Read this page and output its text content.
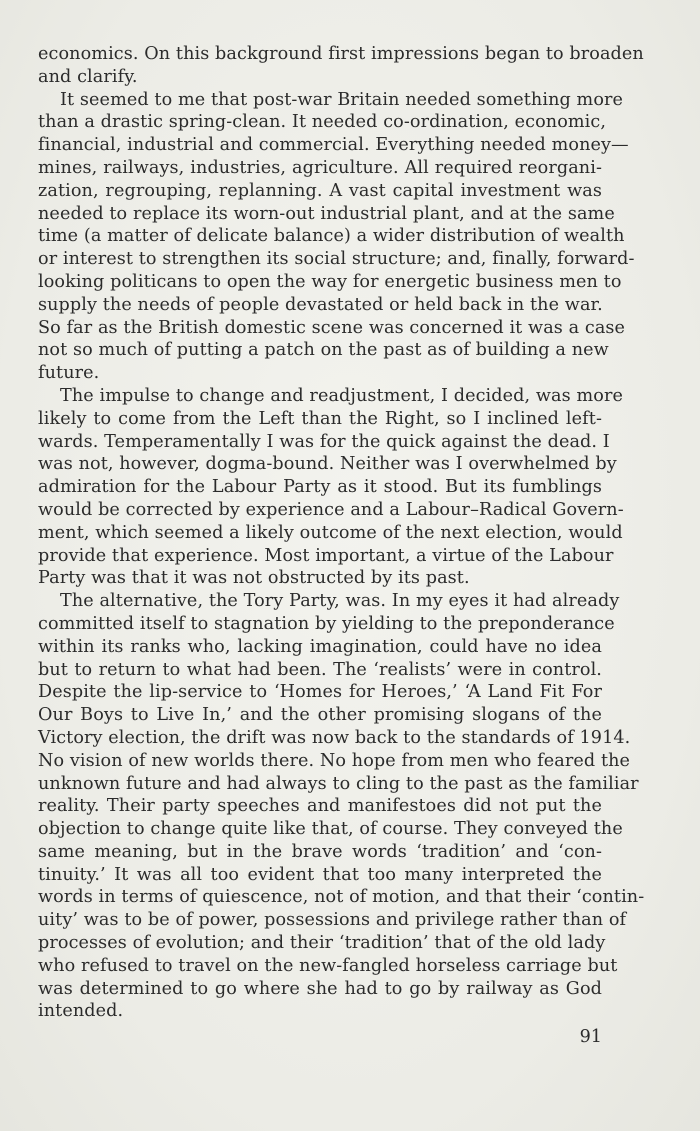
economics. On this background first impressions began to broaden
and clarify.
It seemed to me that post-war Britain needed something more
than a drastic spring-clean. It needed co-ordination, economic,
financial, industrial and commercial. Everything needed money—
mines, railways, industries, agriculture. All required reorgani-
zation, regrouping, replanning. A vast capital investment was
needed to replace its worn-out industrial plant, and at the same
time (a matter of delicate balance) a wider distribution of wealth
or interest to strengthen its social structure; and, finally, forward-
looking politicans to open the way for energetic business men to
supply the needs of people devastated or held back in the war.
So far as the British domestic scene was concerned it was a case
not so much of putting a patch on the past as of building a new
future.
The impulse to change and readjustment, I decided, was more
likely to come from the Left than the Right, so I inclined left-
wards. Temperamentally I was for the quick against the dead. I
was not, however, dogma-bound. Neither was I overwhelmed by
admiration for the Labour Party as it stood. But its fumblings
would be corrected by experience and a Labour–Radical Govern-
ment, which seemed a likely outcome of the next election, would
provide that experience. Most important, a virtue of the Labour
Party was that it was not obstructed by its past.
The alternative, the Tory Party, was. In my eyes it had already
committed itself to stagnation by yielding to the preponderance
within its ranks who, lacking imagination, could have no idea
but to return to what had been. The ‘realists’ were in control.
Despite the lip-service to ‘Homes for Heroes,’ ‘A Land Fit For
Our Boys to Live In,’ and the other promising slogans of the
Victory election, the drift was now back to the standards of 1914.
No vision of new worlds there. No hope from men who feared the
unknown future and had always to cling to the past as the familiar
reality. Their party speeches and manifestoes did not put the
objection to change quite like that, of course. They conveyed the
same meaning, but in the brave words ‘tradition’ and ‘con-
tinuity.’ It was all too evident that too many interpreted the
words in terms of quiescence, not of motion, and that their ‘contin-
uity’ was to be of power, possessions and privilege rather than of
processes of evolution; and their ‘tradition’ that of the old lady
who refused to travel on the new-fangled horseless carriage but
was determined to go where she had to go by railway as God
intended.
91
